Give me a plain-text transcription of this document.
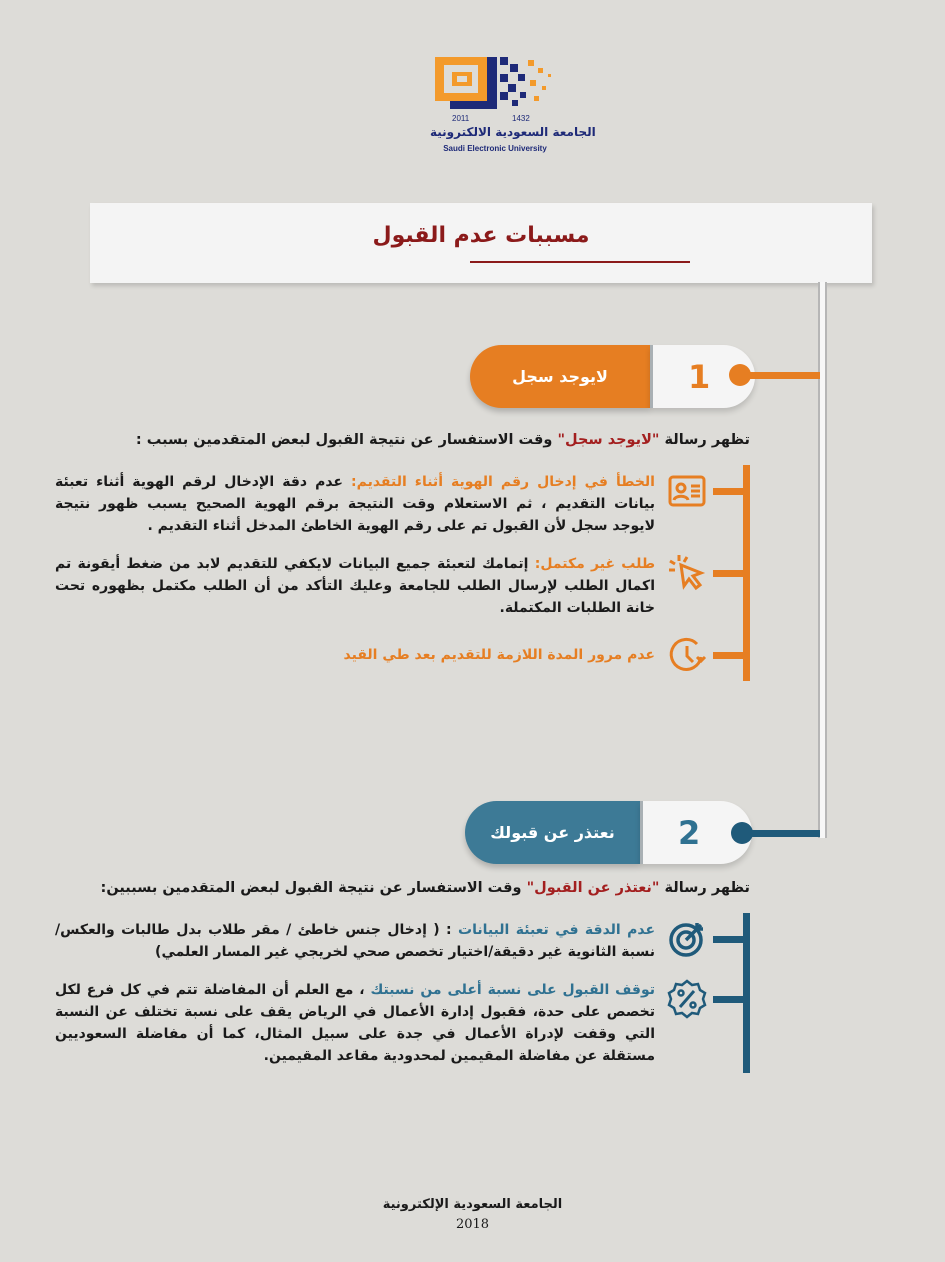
2011	1432
الجامعة السعودية الالكترونية
Saudi Electronic University
مسببات عدم القبول
لايوجد سجل	1
تظهر رسالة "لايوجد سجل" وقت الاستفسار عن نتيجة القبول لبعض المتقدمين بسبب :
الخطأ في إدخال رقم الهوية أثناء التقديم: عدم دقة الإدخال لرقم الهوية أثناء تعبئة بيانات التقديم ، ثم الاستعلام وقت النتيجة برقم الهوية الصحيح يسبب ظهور نتيجة لايوجد سجل لأن القبول تم على رقم الهوية الخاطئ المدخل أثناء التقديم .
طلب غير مكتمل: إتمامك لتعبئة جميع البيانات لايكفي للتقديم لابد من ضغط أيقونة تم اكمال الطلب لإرسال الطلب للجامعة وعليك التأكد من أن الطلب مكتمل بظهوره تحت خانة الطلبات المكتملة.
عدم مرور المدة اللازمة للتقديم بعد طي القيد
نعتذر عن قبولك	2
تظهر رسالة "نعتذر عن القبول" وقت الاستفسار عن نتيجة القبول لبعض المتقدمين بسببين:
عدم الدقة في تعبئة البيانات : ( إدخال جنس خاطئ / مقر طلاب بدل طالبات والعكس/نسبة الثانوية غير دقيقة/اختيار تخصص صحي لخريجي غير المسار العلمي)
توقف القبول على نسبة أعلى من نسبتك ، مع العلم أن المفاضلة تتم في كل فرع لكل تخصص على حدة، فقبول إدارة الأعمال في الرياض يقف على نسبة تختلف عن النسبة التي وقفت لإدراة الأعمال في جدة على سبيل المثال، كما أن مفاضلة السعوديين مستقلة عن مفاضلة المقيمين لمحدودية مقاعد المقيمين.
الجامعة السعودية الإلكترونية
2018
